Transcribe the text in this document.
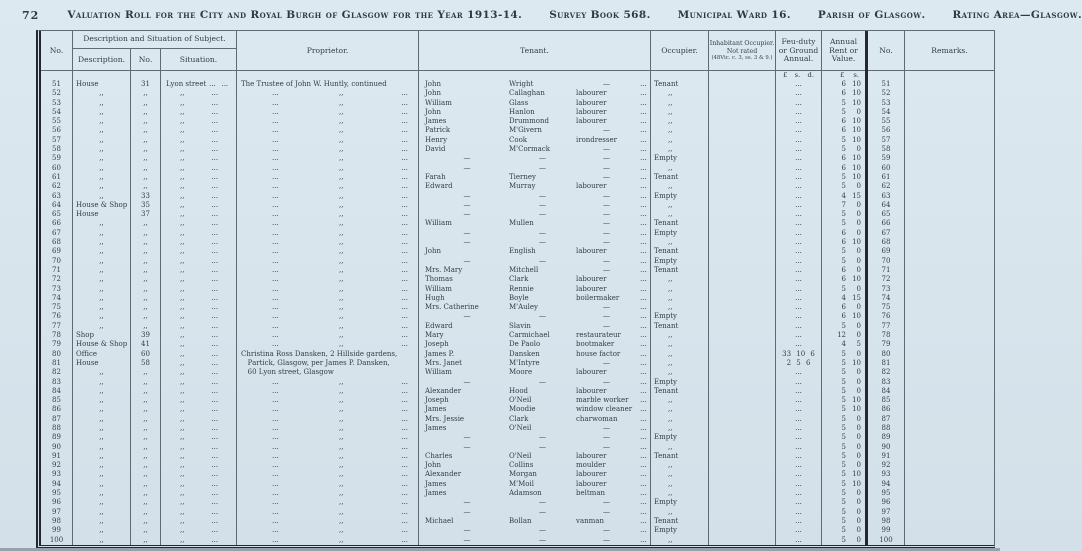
72	Valuation Roll for the City and Royal Burgh of Glasgow for the Year 1913-14.	Survey Book 568.	Municipal Ward 16.	Parish of Glasgow.	Rating Area—Glasgow.
No.
Description and Situation of Subject.
Description.	No.	Situation.
Proprietor.	Tenant.	Occupier.
Inhabitant Occupier.
Not rated
(48Vic. c. 3, ss. 3 & 9.)
Feu-duty or Ground Annual.
Annual Rent or Value.
No.	Remarks.
£ s. d.	£ s.
51	House	31	Lyon street ... ...	The Trustee of John W. Huntly, continued	John	Wright	—	...	Tenant	...	6 10	51
52	,,	,,	,,	...	...	,,	...	John	Callaghan	labourer	...	,,	...	6 10	52
53	,,	,,	,,	...	...	,,	...	William	Glass	labourer	...	,,	...	5 10	53
54	,,	,,	,,	...	...	,,	...	John	Hanlon	labourer	...	,,	...	5	0	54
55	,,	,,	,,	...	...	,,	...	James	Drummond	labourer	...	,,	...	6 10	55
56	,,	,,	,,	...	...	,,	...	Patrick	M'Givern	—	...	,,	...	6 10	56
57	,,	,,	,,	...	...	,,	...	Henry	Cook	irondresser	...	,,	...	5 10	57
58	,,	,,	,,	...	...	,,	...	David	M'Cormack	—	...	,,	...	5	0	58
59	,,	,,	,,	...	...	,,	...	—	—	—	...	Empty	...	6 10	59
60	,,	,,	,,	...	...	,,	...	—	—	—	...	,,	...	6 10	60
61	,,	,,	,,	...	...	,,	...	Farah	Tierney	—	...	Tenant	...	5 10	61
62	,,	,,	,,	...	...	,,	...	Edward	Murray	labourer	...	,,	...	5	0	62
63	,,	33	,,	...	...	,,	...	—	—	—	...	Empty	...	4 15	63
64	House & Shop	35	,,	...	...	,,	...	—	—	—	...	,,	...	7	0	64
65	House	37	,,	...	...	,,	...	—	—	—	...	,,	...	5	0	65
66	,,	,,	,,	...	...	,,	...	William	Mullen	—	...	Tenant	...	5	0	66
67	,,	,,	,,	...	...	,,	...	—	—	—	...	Empty	...	6	0	67
68	,,	,,	,,	...	...	,,	...	—	—	—	...	,,	...	6 10	68
69	,,	,,	,,	...	...	,,	...	John	English	labourer	...	Tenant	...	5	0	69
70	,,	,,	,,	...	...	,,	...	—	—	—	...	Empty	...	5	0	70
71	,,	,,	,,	...	...	,,	...	Mrs. Mary	Mitchell	—	...	Tenant	...	6	0	71
72	,,	,,	,,	...	...	,,	...	Thomas	Clark	labourer	...	,,	...	6 10	72
73	,,	,,	,,	...	...	,,	...	William	Rennie	labourer	...	,,	...	5	0	73
74	,,	,,	,,	...	...	,,	...	Hugh	Boyle	boilermaker	...	,,	...	4 15	74
75	,,	,,	,,	...	...	,,	...	Mrs. Catherine	M'Auley	—	...	,,	...	6	0	75
76	,,	,,	,,	...	...	,,	...	—	—	—	...	Empty	...	6 10	76
77	,,	,,	,,	...	...	,,	...	Edward	Slavin	—	...	Tenant	...	5	0	77
78	Shop	39	,,	...	...	,,	...	Mary	Carmichael	restaurateur	...	,,	...	12	0	78
79	House & Shop	41	,,	...	...	,,	...	Joseph	De Paolo	bootmaker	...	,,	...	4	5	79
80	Office	60	,,	...	Christina Ross Dansken, 2 Hillside gardens,	James P.	Dansken	house factor	...	,,	33 10 6	5	0	80
81	House	58	,,	...	Partick, Glasgow, per James P. Dansken,	Mrs. Janet	M'Intyre	—	...	,,	2 5 6	5 10	81
82	,,	,,	,,	...	60 Lyon street, Glasgow	William	Moore	labourer	...	,,	...	5	0	82
83	,,	,,	,,	...	...	,,	...	—	—	—	...	Empty	...	5	0	83
84	,,	,,	,,	...	...	,,	...	Alexander	Hood	labourer	...	Tenant	...	5	0	84
85	,,	,,	,,	...	...	,,	...	Joseph	O'Neil	marble worker	...	,,	...	5 10	85
86	,,	,,	,,	...	...	,,	...	James	Moodie	window cleaner	...	,,	...	5 10	86
87	,,	,,	,,	...	...	,,	...	Mrs. Jessie	Clark	charwoman	...	,,	...	5	0	87
88	,,	,,	,,	...	...	,,	...	James	O'Neil	—	...	,,	...	5	0	88
89	,,	,,	,,	...	...	,,	...	—	—	—	...	Empty	...	5	0	89
90	,,	,,	,,	...	...	,,	...	—	—	—	...	,,	...	5	0	90
91	,,	,,	,,	...	...	,,	...	Charles	O'Neil	labourer	...	Tenant	...	5	0	91
92	,,	,,	,,	...	...	,,	...	John	Collins	moulder	...	,,	...	5	0	92
93	,,	,,	,,	...	...	,,	...	Alexander	Morgan	labourer	...	,,	...	5 10	93
94	,,	,,	,,	...	...	,,	...	James	M'Moil	labourer	...	,,	...	5 10	94
95	,,	,,	,,	...	...	,,	...	James	Adamson	beltman	...	,,	...	5	0	95
96	,,	,,	,,	...	...	,,	...	—	—	—	...	Empty	...	5	0	96
97	,,	,,	,,	...	...	,,	...	—	—	—	...	,,	...	5	0	97
98	,,	,,	,,	...	...	,,	...	Michael	Bollan	vanman	...	Tenant	...	5	0	98
99	,,	,,	,,	...	...	,,	...	—	—	—	...	Empty	...	5	0	99
100	,,	,,	,,	...	...	,,	...	—	—	—	...	,,	...	5	0	100
